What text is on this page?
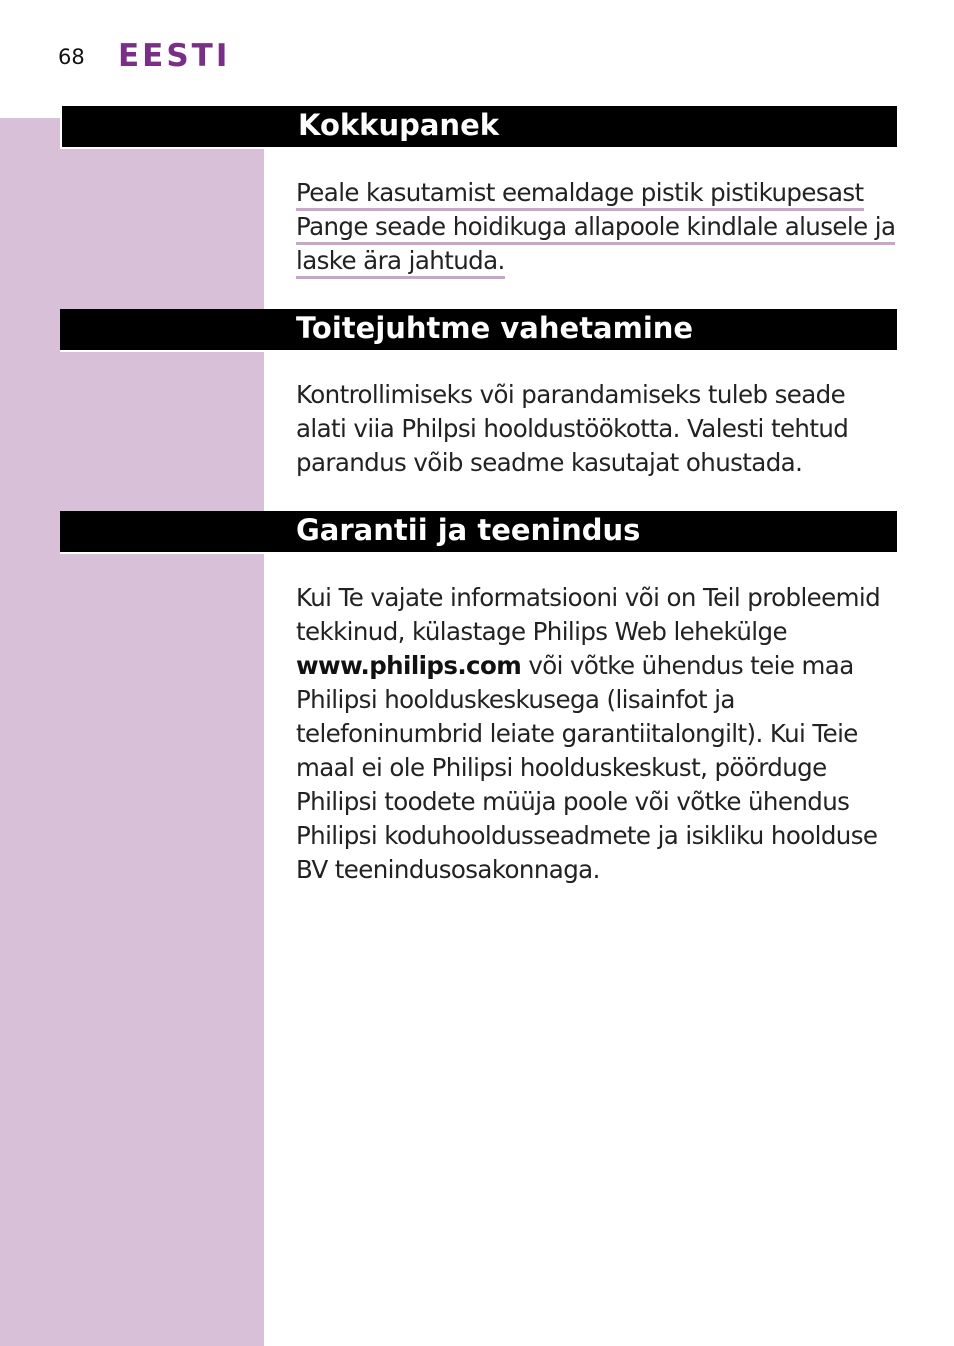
68 EESTI
Kokkupanek
Peale kasutamist eemaldage pistik pistikupesast
Pange seade hoidikuga allapoole kindlale alusele ja
laske ära jahtuda.
Toitejuhtme vahetamine
Kontrollimiseks või parandamiseks tuleb seade
alati viia Philpsi hooldustöökotta. Valesti tehtud
parandus võib seadme kasutajat ohustada.
Garantii ja teenindus
Kui Te vajate informatsiooni või on Teil probleemid
tekkinud, külastage Philips Web lehekülge
www.philips.com või võtke ühendus teie maa
Philipsi hoolduskeskusega (lisainfot ja
telefoninumbrid leiate garantiitalongilt). Kui Teie
maal ei ole Philipsi hoolduskeskust, pöörduge
Philipsi toodete müüja poole või võtke ühendus
Philipsi koduhooldusseadmete ja isikliku hoolduse
BV teenindusosakonnaga.
